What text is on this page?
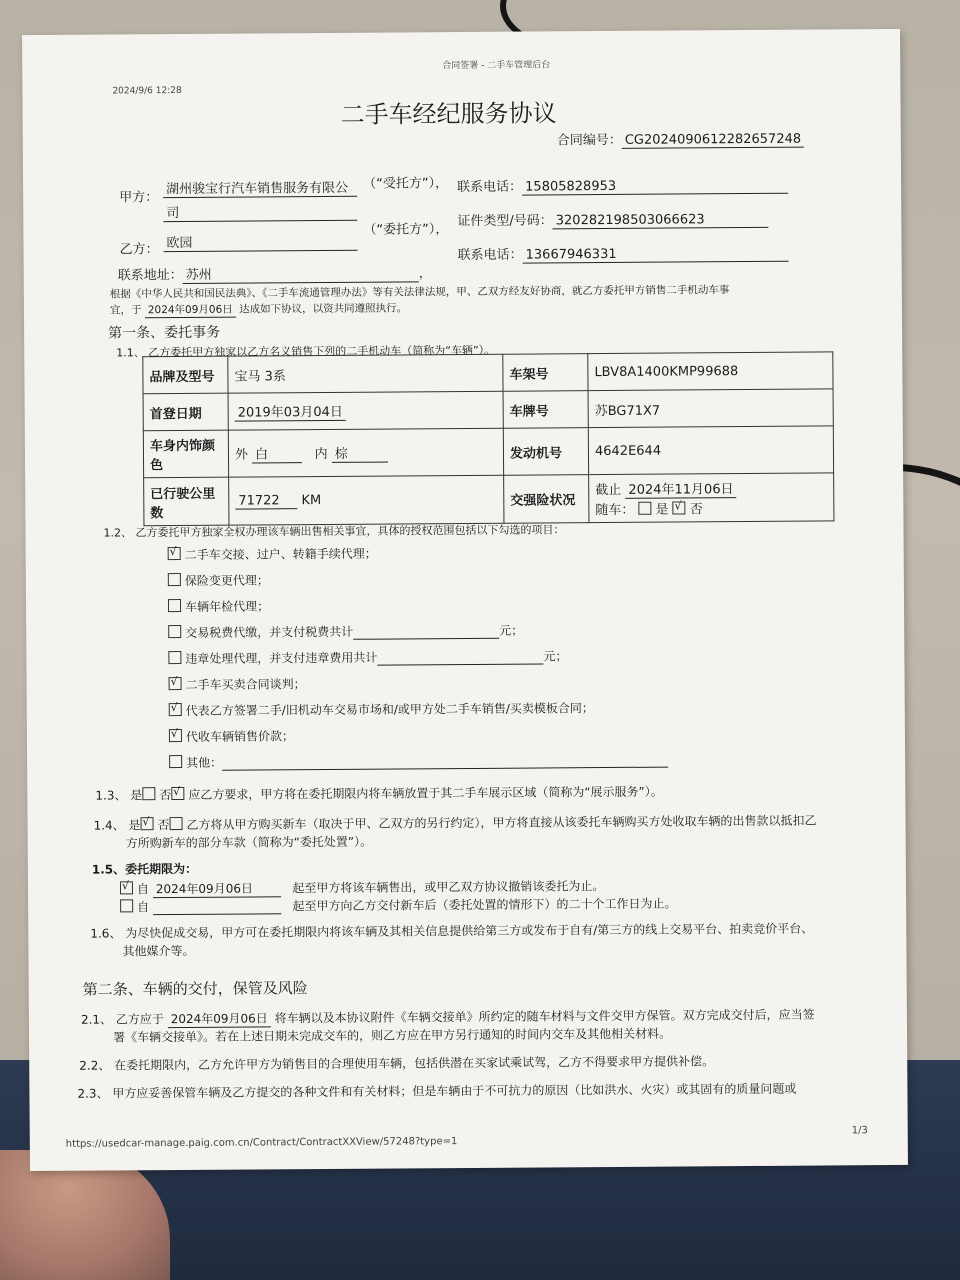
2024/9/6 12:28
合同签署 - 二手车管理后台
二手车经纪服务协议
合同编号： CG2024090612282657248
甲方：
湖州骏宝行汽车销售服务有限公
司
（“受托方”）， 联系电话： 15805828953
乙方： 欧园
（“委托方”），
证件类型/号码： 320282198503066623
联系地址： 苏州	，
联系电话： 13667946331
根据《中华人民共和国民法典》、《二手车流通管理办法》等有关法律法规，甲、乙双方经友好协商，就乙方委托甲方销售二手机动车事
宜，于 2024年09月06日 达成如下协议，以资共同遵照执行。
第一条、委托事务
1.1、 乙方委托甲方独家以乙方名义销售下列的二手机动车（简称为“车辆”）。
品牌及型号	宝马 3系	车架号	LBV8A1400KMP99688
首登日期	2019年03月04日	车牌号	苏BG71X7
车身内饰颜色	外 白 内 棕	发动机号	4642E644
已行驶公里数	71722 KM	交强险状况	截止 2024年11月06日
随车： 是 √ 否
1.2、 乙方委托甲方独家全权办理该车辆出售相关事宜，具体的授权范围包括以下勾选的项目：
√二手车交接、过户、转籍手续代理；
保险变更代理；
车辆年检代理；
交易税费代缴，并支付税费共计	元；
违章处理代理，并支付违章费用共计	元；
√二手车买卖合同谈判；
√代表乙方签署二手/旧机动车交易市场和/或甲方处二手车销售/买卖模板合同；
√代收车辆销售价款；
其他：
1.3、 是 否 √ 应乙方要求，甲方将在委托期限内将车辆放置于其二手车展示区域（简称为“展示服务”）。
1.4、 是 √ 否 乙方将从甲方购买新车（取决于甲、乙双方的另行约定），甲方将直接从该委托车辆购买方处收取车辆的出售款以抵扣乙
方所购新车的部分车款（简称为“委托处置”）。
1.5、委托期限为：
√自 2024年09月06日	起至甲方将该车辆售出，或甲乙双方协议撤销该委托为止。
自	起至甲方向乙方交付新车后（委托处置的情形下）的二十个工作日为止。
1.6、 为尽快促成交易，甲方可在委托期限内将该车辆及其相关信息提供给第三方或发布于自有/第三方的线上交易平台、拍卖竞价平台、
其他媒介等。
第二条、车辆的交付，保管及风险
2.1、 乙方应于 2024年09月06日 将车辆以及本协议附件《车辆交接单》所约定的随车材料与文件交甲方保管。双方完成交付后，应当签
署《车辆交接单》。若在上述日期未完成交车的，则乙方应在甲方另行通知的时间内交车及其他相关材料。
2.2、 在委托期限内，乙方允许甲方为销售目的合理使用车辆，包括供潜在买家试乘试驾，乙方不得要求甲方提供补偿。
2.3、 甲方应妥善保管车辆及乙方提交的各种文件和有关材料；但是车辆由于不可抗力的原因（比如洪水、火灾）或其固有的质量问题或
https://usedcar-manage.paig.com.cn/Contract/ContractXXView/57248?type=1
1/3
